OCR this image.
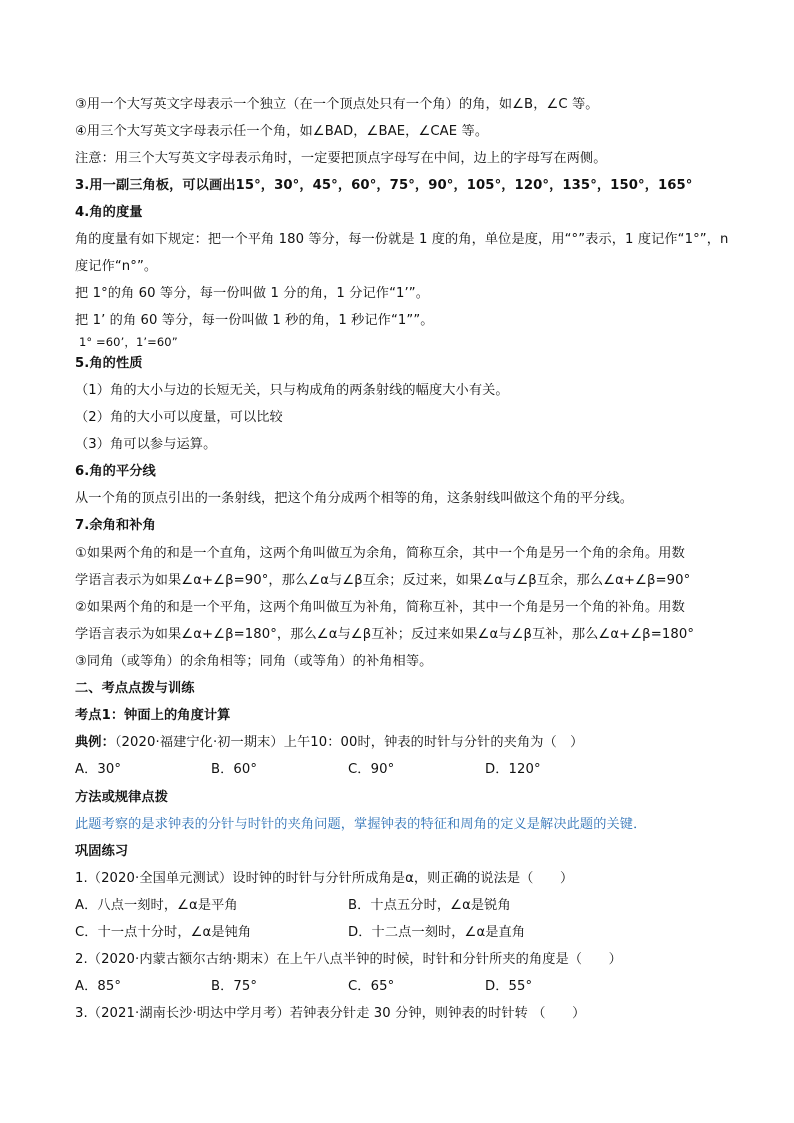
③用一个大写英文字母表示一个独立（在一个顶点处只有一个角）的角，如∠B，∠C 等。
④用三个大写英文字母表示任一个角，如∠BAD，∠BAE，∠CAE 等。
注意：用三个大写英文字母表示角时，一定要把顶点字母写在中间，边上的字母写在两侧。
3.用一副三角板，可以画出15°，30°，45°，60°，75°，90°，105°，120°，135°，150°，165°
4.角的度量
角的度量有如下规定：把一个平角 180 等分，每一份就是 1 度的角，单位是度，用“°”表示，1 度记作“1°”，n
度记作“n°”。
把 1°的角 60 等分，每一份叫做 1 分的角，1 分记作“1’”。
把 1’ 的角 60 等分，每一份叫做 1 秒的角，1 秒记作“1””。
1° =60’，1’=60”
5.角的性质
（1）角的大小与边的长短无关，只与构成角的两条射线的幅度大小有关。
（2）角的大小可以度量，可以比较
（3）角可以参与运算。
6.角的平分线
从一个角的顶点引出的一条射线，把这个角分成两个相等的角，这条射线叫做这个角的平分线。
7.余角和补角
①如果两个角的和是一个直角，这两个角叫做互为余角，简称互余，其中一个角是另一个角的余角。用数
学语言表示为如果∠α+∠β=90°，那么∠α与∠β互余；反过来，如果∠α与∠β互余，那么∠α+∠β=90°
②如果两个角的和是一个平角，这两个角叫做互为补角，简称互补，其中一个角是另一个角的补角。用数
学语言表示为如果∠α+∠β=180°，那么∠α与∠β互补；反过来如果∠α与∠β互补，那么∠α+∠β=180°
③同角（或等角）的余角相等；同角（或等角）的补角相等。
二、考点点拨与训练
考点1：钟面上的角度计算
典例：（2020·福建宁化·初一期末）上午10：00时，钟表的时针与分针的夹角为（　）
A．30°	B．60°	C．90°	D．120°
方法或规律点拨
此题考察的是求钟表的分针与时针的夹角问题，掌握钟表的特征和周角的定义是解决此题的关键．
巩固练习
1.（2020·全国单元测试）设时钟的时针与分针所成角是α，则正确的说法是（　　）
A．八点一刻时，∠α是平角	B．十点五分时，∠α是锐角
C．十一点十分时，∠α是钝角	D．十二点一刻时，∠α是直角
2.（2020·内蒙古额尔古纳·期末）在上午八点半钟的时候，时针和分针所夹的角度是（　　）
A．85°	B．75°	C．65°	D．55°
3.（2021·湖南长沙·明达中学月考）若钟表分针走 30 分钟，则钟表的时针转 （　　）
